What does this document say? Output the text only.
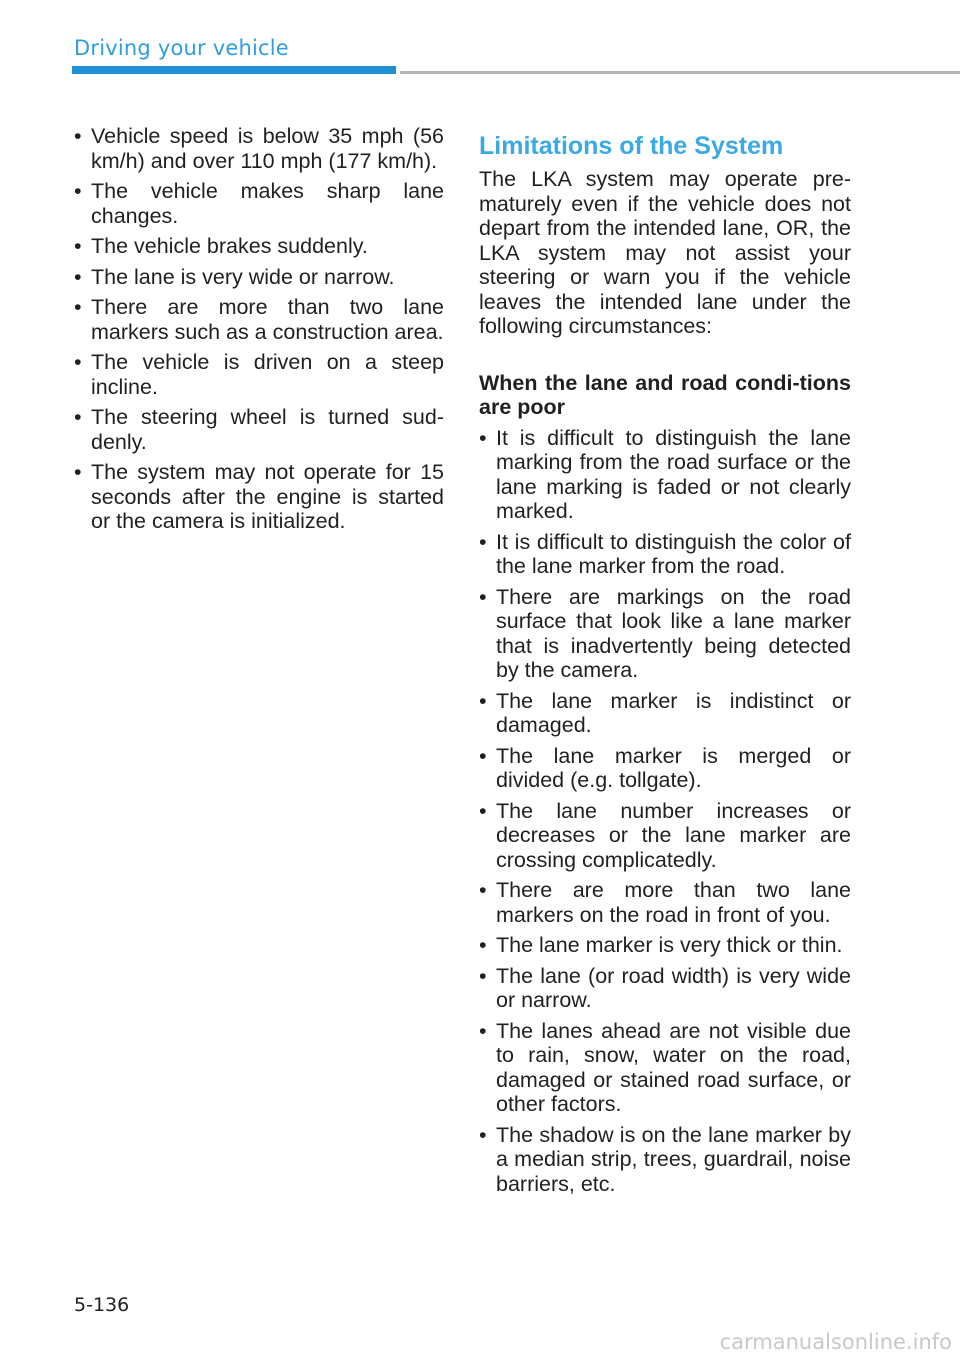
Driving your vehicle
• Vehicle speed is below 35 mph (56 km/h) and over 110 mph (177 km/h).
• The vehicle makes sharp lane changes.
• The vehicle brakes suddenly.
• The lane is very wide or narrow.
• There are more than two lane markers such as a construction area.
• The vehicle is driven on a steep incline.
• The steering wheel is turned sud-denly.
• The system may not operate for 15 seconds after the engine is started or the camera is initialized.
Limitations of the System

The LKA system may operate pre-maturely even if the vehicle does not depart from the intended lane, OR, the LKA system may not assist your steering or warn you if the vehicle leaves the intended lane under the following circumstances:

When the lane and road condi-tions are poor

• It is difficult to distinguish the lane marking from the road surface or the lane marking is faded or not clearly marked.
• It is difficult to distinguish the color of the lane marker from the road.
• There are markings on the road surface that look like a lane marker that is inadvertently being detected by the camera.
• The lane marker is indistinct or damaged.
• The lane marker is merged or divided (e.g. tollgate).
• The lane number increases or decreases or the lane marker are crossing complicatedly.
• There are more than two lane markers on the road in front of you.
• The lane marker is very thick or thin.
• The lane (or road width) is very wide or narrow.
• The lanes ahead are not visible due to rain, snow, water on the road, damaged or stained road surface, or other factors.
• The shadow is on the lane marker by a median strip, trees, guardrail, noise barriers, etc.
5-136
carmanualsonline.info
